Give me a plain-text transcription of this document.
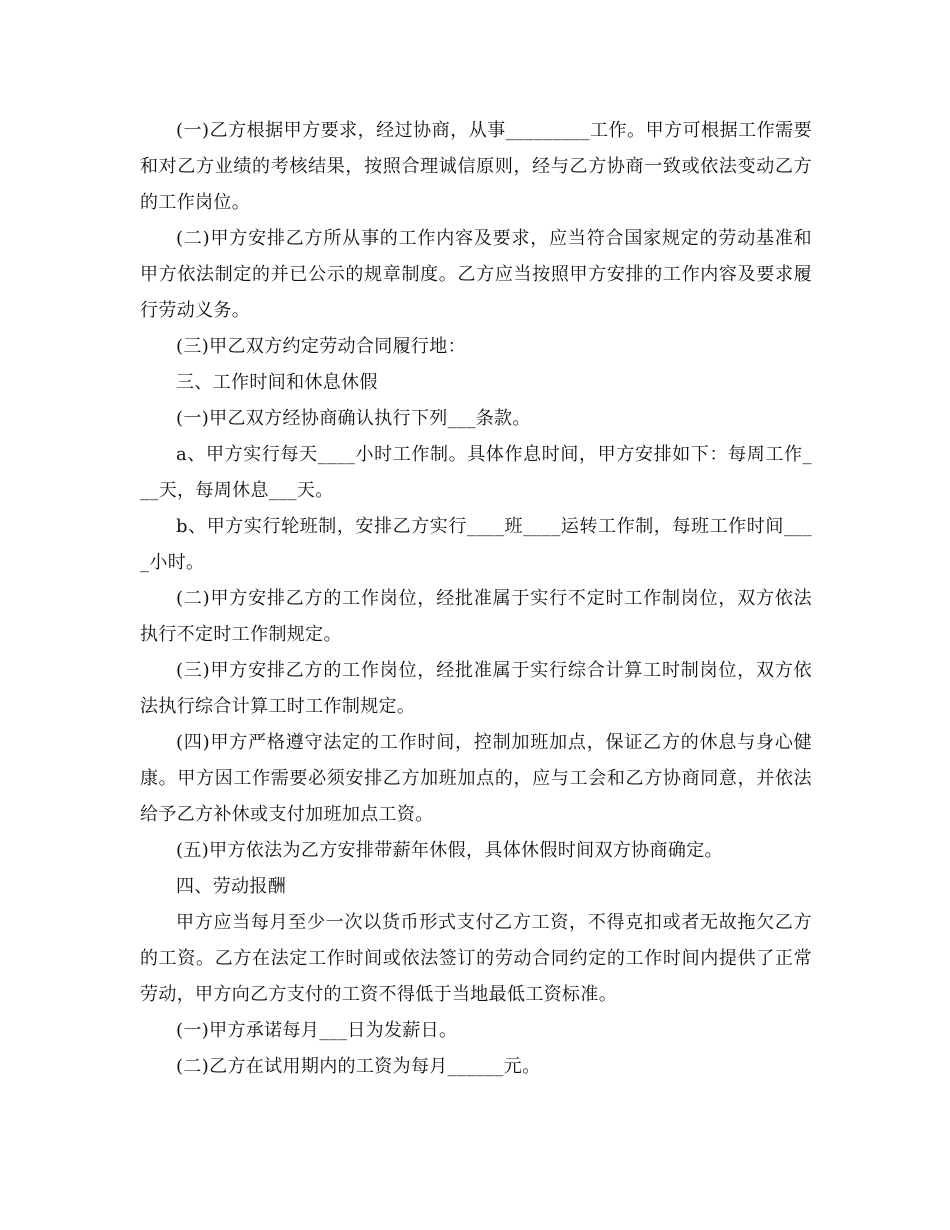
(一)乙方根据甲方要求，经过协商，从事_________工作。甲方可根据工作需要和对乙方业绩的考核结果，按照合理诚信原则，经与乙方协商一致或依法变动乙方的工作岗位。

(二)甲方安排乙方所从事的工作内容及要求，应当符合国家规定的劳动基准和甲方依法制定的并已公示的规章制度。乙方应当按照甲方安排的工作内容及要求履行劳动义务。

(三)甲乙双方约定劳动合同履行地：

三、工作时间和休息休假

(一)甲乙双方经协商确认执行下列___条款。

a、甲方实行每天____小时工作制。具体作息时间，甲方安排如下：每周工作___天，每周休息___天。

b、甲方实行轮班制，安排乙方实行____班____运转工作制，每班工作时间____小时。

(二)甲方安排乙方的工作岗位，经批准属于实行不定时工作制岗位，双方依法执行不定时工作制规定。

(三)甲方安排乙方的工作岗位，经批准属于实行综合计算工时制岗位，双方依法执行综合计算工时工作制规定。

(四)甲方严格遵守法定的工作时间，控制加班加点，保证乙方的休息与身心健康。甲方因工作需要必须安排乙方加班加点的，应与工会和乙方协商同意，并依法给予乙方补休或支付加班加点工资。

(五)甲方依法为乙方安排带薪年休假，具体休假时间双方协商确定。

四、劳动报酬

甲方应当每月至少一次以货币形式支付乙方工资，不得克扣或者无故拖欠乙方的工资。乙方在法定工作时间或依法签订的劳动合同约定的工作时间内提供了正常劳动，甲方向乙方支付的工资不得低于当地最低工资标准。

(一)甲方承诺每月___日为发薪日。

(二)乙方在试用期内的工资为每月______元。
